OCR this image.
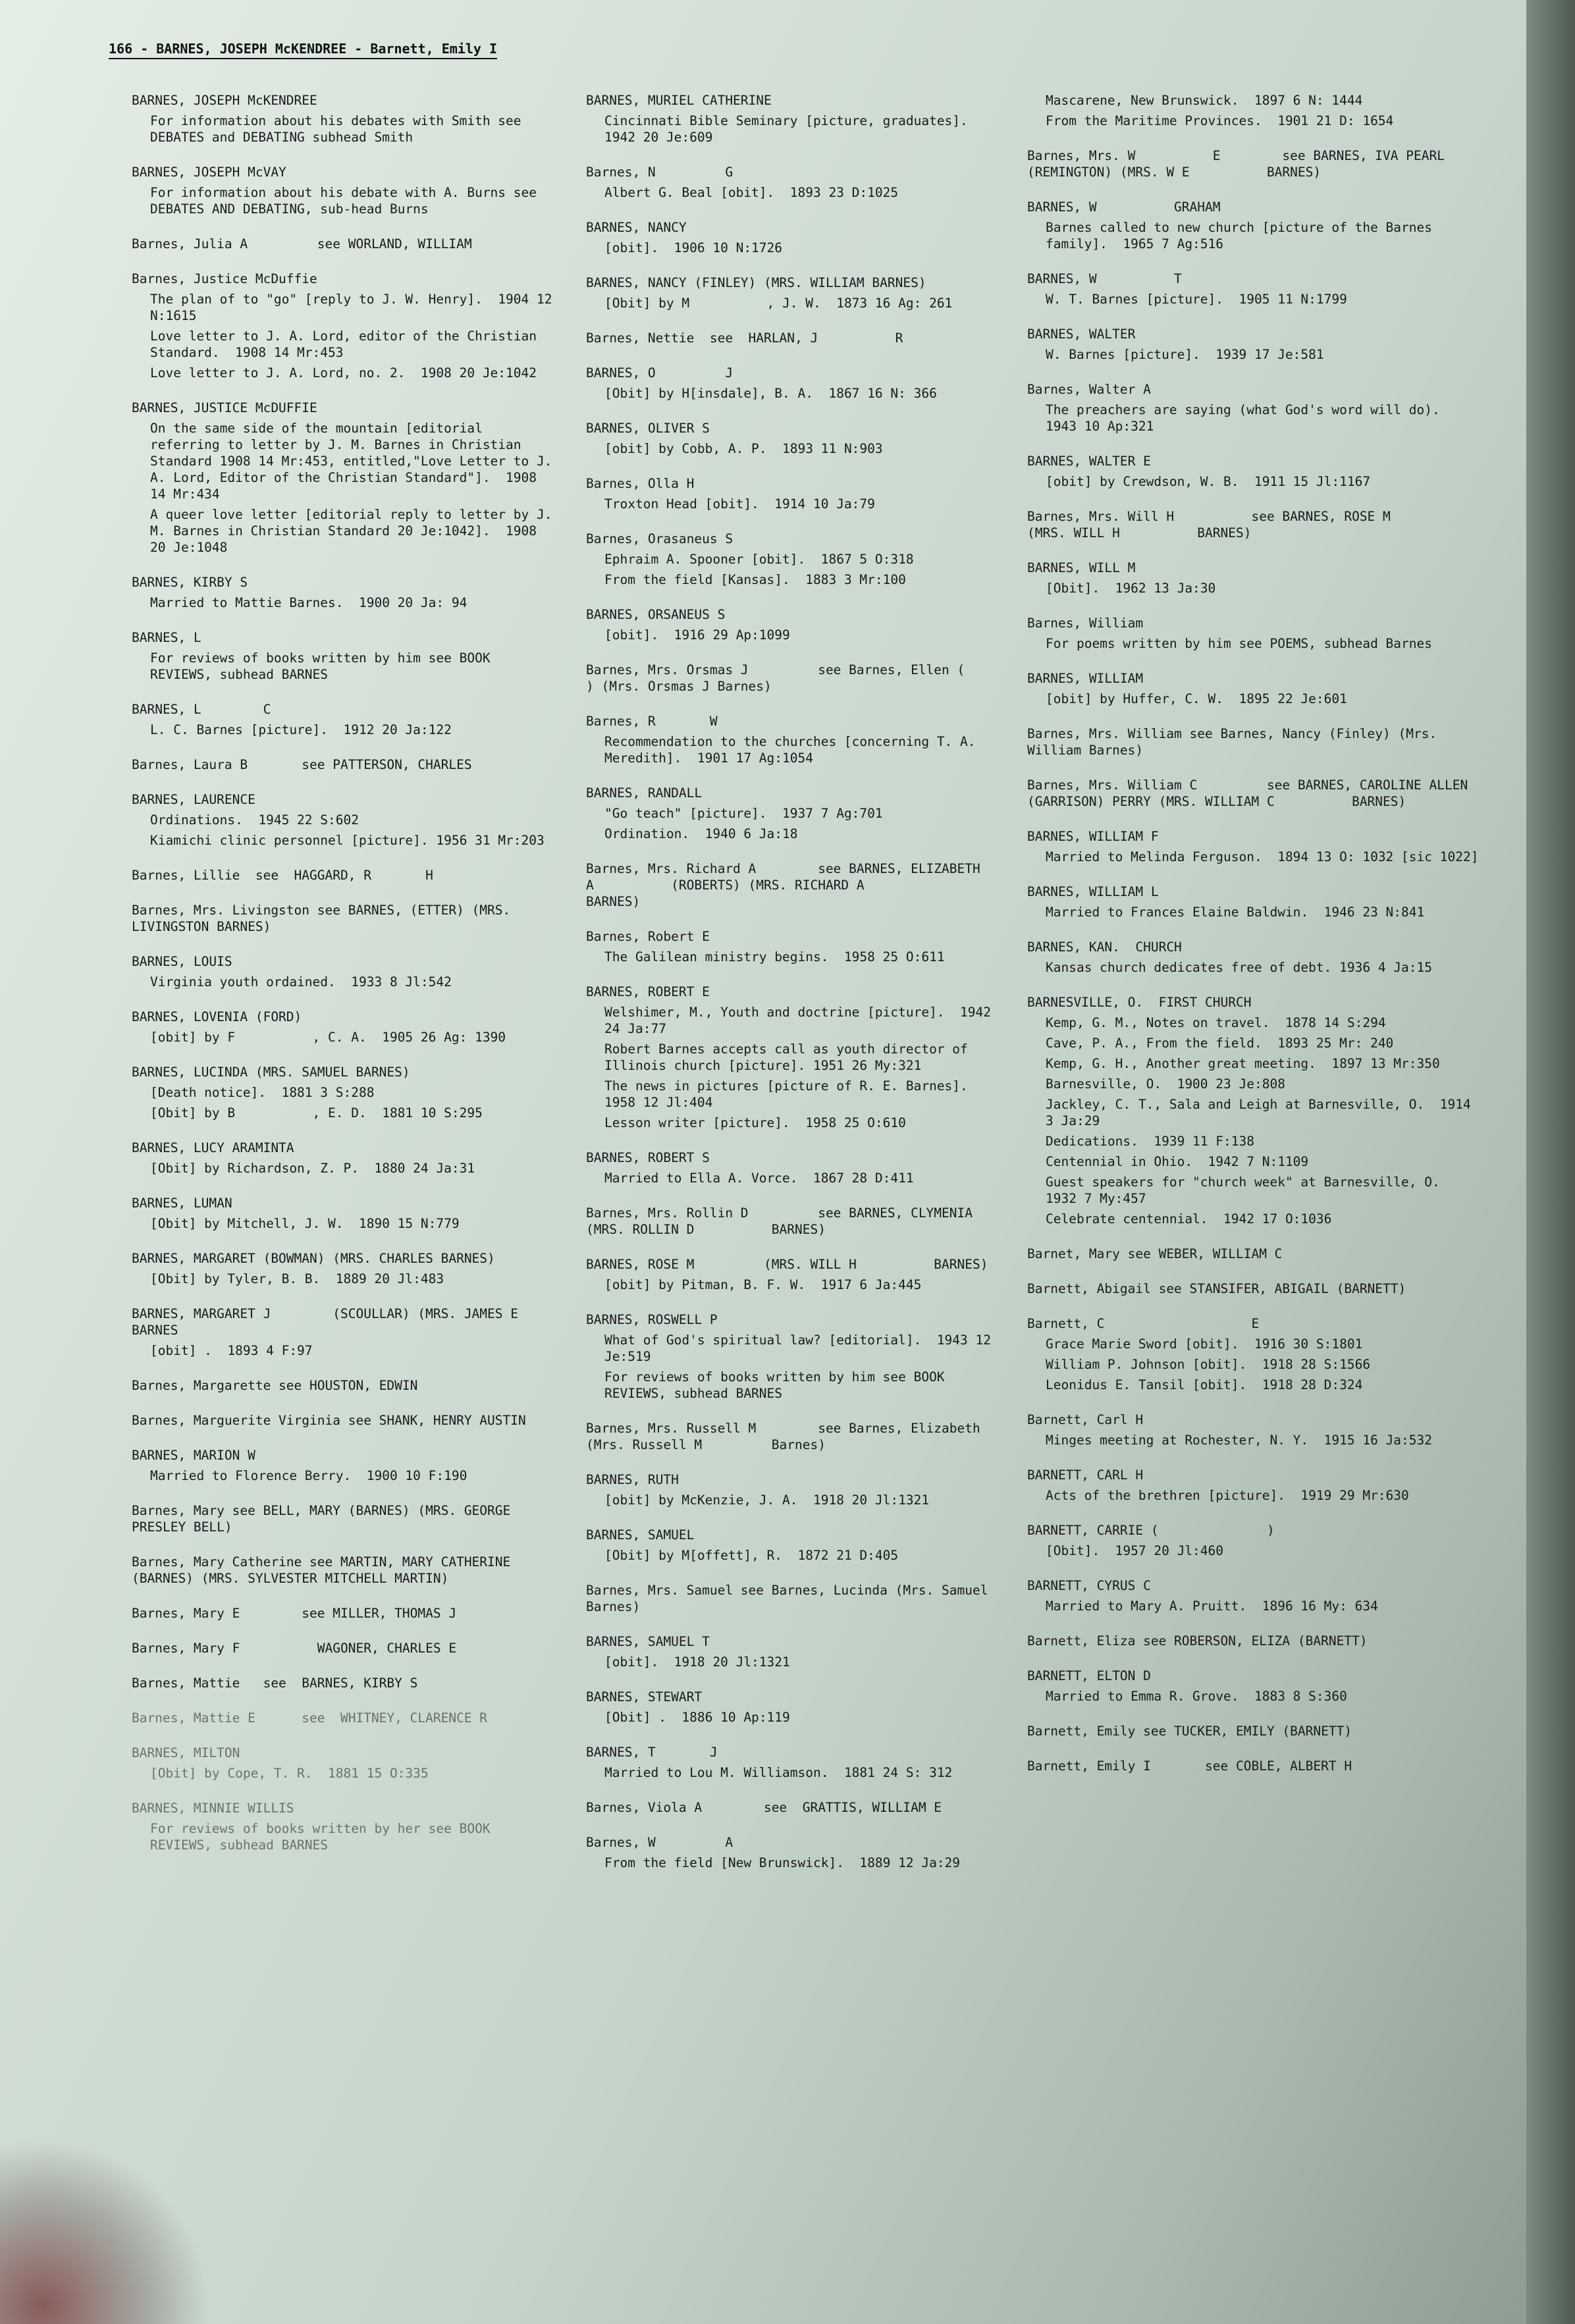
166 - BARNES, JOSEPH McKENDREE - Barnett, Emily I
BARNES, JOSEPH McKENDREE
For information about his debates with Smith see DEBATES and DEBATING subhead Smith
BARNES, JOSEPH McVAY
For information about his debate with A. Burns see DEBATES AND DEBATING, sub-head Burns
Barnes, Julia A         see WORLAND, WILLIAM
Barnes, Justice McDuffie
The plan of to "go" [reply to J. W. Henry].  1904 12 N:1615
Love letter to J. A. Lord, editor of the Christian Standard.  1908 14 Mr:453
Love letter to J. A. Lord, no. 2.  1908 20 Je:1042
BARNES, JUSTICE McDUFFIE
On the same side of the mountain [editorial referring to letter by J. M. Barnes in Christian Standard 1908 14 Mr:453, entitled,"Love Letter to J. A. Lord, Editor of the Christian Standard"].  1908 14 Mr:434
A queer love letter [editorial reply to letter by J. M. Barnes in Christian Standard 20 Je:1042].  1908 20 Je:1048
BARNES, KIRBY S
Married to Mattie Barnes.  1900 20 Ja: 94
BARNES, L
For reviews of books written by him see BOOK REVIEWS, subhead BARNES
BARNES, L        C
L. C. Barnes [picture].  1912 20 Ja:122
Barnes, Laura B       see PATTERSON, CHARLES
BARNES, LAURENCE
Ordinations.  1945 22 S:602
Kiamichi clinic personnel [picture]. 1956 31 Mr:203
Barnes, Lillie  see  HAGGARD, R       H
Barnes, Mrs. Livingston see BARNES, (ETTER) (MRS. LIVINGSTON BARNES)
BARNES, LOUIS
Virginia youth ordained.  1933 8 Jl:542
BARNES, LOVENIA (FORD)
[obit] by F          , C. A.  1905 26 Ag: 1390
BARNES, LUCINDA (MRS. SAMUEL BARNES)
[Death notice].  1881 3 S:288
[Obit] by B          , E. D.  1881 10 S:295
BARNES, LUCY ARAMINTA
[Obit] by Richardson, Z. P.  1880 24 Ja:31
BARNES, LUMAN
[Obit] by Mitchell, J. W.  1890 15 N:779
BARNES, MARGARET (BOWMAN) (MRS. CHARLES BARNES)
[Obit] by Tyler, B. B.  1889 20 Jl:483
BARNES, MARGARET J        (SCOULLAR) (MRS. JAMES E          BARNES
[obit] .  1893 4 F:97
Barnes, Margarette see HOUSTON, EDWIN
Barnes, Marguerite Virginia see SHANK, HENRY AUSTIN
BARNES, MARION W
Married to Florence Berry.  1900 10 F:190
Barnes, Mary see BELL, MARY (BARNES) (MRS. GEORGE PRESLEY BELL)
Barnes, Mary Catherine see MARTIN, MARY CATHERINE (BARNES) (MRS. SYLVESTER MITCHELL MARTIN)
Barnes, Mary E        see MILLER, THOMAS J
Barnes, Mary F          WAGONER, CHARLES E
Barnes, Mattie   see  BARNES, KIRBY S
Barnes, Mattie E      see  WHITNEY, CLARENCE R
BARNES, MILTON
[Obit] by Cope, T. R.  1881 15 O:335
BARNES, MINNIE WILLIS
For reviews of books written by her see BOOK REVIEWS, subhead BARNES
BARNES, MURIEL CATHERINE
Cincinnati Bible Seminary [picture, graduates].  1942 20 Je:609
Barnes, N         G
Albert G. Beal [obit].  1893 23 D:1025
BARNES, NANCY
[obit].  1906 10 N:1726
BARNES, NANCY (FINLEY) (MRS. WILLIAM BARNES)
[Obit] by M          , J. W.  1873 16 Ag: 261
Barnes, Nettie  see  HARLAN, J          R
BARNES, O         J
[Obit] by H[insdale], B. A.  1867 16 N: 366
BARNES, OLIVER S
[obit] by Cobb, A. P.  1893 11 N:903
Barnes, Olla H
Troxton Head [obit].  1914 10 Ja:79
Barnes, Orasaneus S
Ephraim A. Spooner [obit].  1867 5 O:318
From the field [Kansas].  1883 3 Mr:100
BARNES, ORSANEUS S
[obit].  1916 29 Ap:1099
Barnes, Mrs. Orsmas J         see Barnes, Ellen (          ) (Mrs. Orsmas J Barnes)
Barnes, R       W
Recommendation to the churches [concerning T. A. Meredith].  1901 17 Ag:1054
BARNES, RANDALL
"Go teach" [picture].  1937 7 Ag:701
Ordination.  1940 6 Ja:18
Barnes, Mrs. Richard A        see BARNES, ELIZABETH A          (ROBERTS) (MRS. RICHARD A          BARNES)
Barnes, Robert E
The Galilean ministry begins.  1958 25 O:611
BARNES, ROBERT E
Welshimer, M., Youth and doctrine [picture].  1942 24 Ja:77
Robert Barnes accepts call as youth director of Illinois church [picture]. 1951 26 My:321
The news in pictures [picture of R. E. Barnes].  1958 12 Jl:404
Lesson writer [picture].  1958 25 O:610
BARNES, ROBERT S
Married to Ella A. Vorce.  1867 28 D:411
Barnes, Mrs. Rollin D         see BARNES, CLYMENIA (MRS. ROLLIN D          BARNES)
BARNES, ROSE M         (MRS. WILL H          BARNES)
[obit] by Pitman, B. F. W.  1917 6 Ja:445
BARNES, ROSWELL P
What of God's spiritual law? [editorial].  1943 12 Je:519
For reviews of books written by him see BOOK REVIEWS, subhead BARNES
Barnes, Mrs. Russell M        see Barnes, Elizabeth (Mrs. Russell M         Barnes)
BARNES, RUTH
[obit] by McKenzie, J. A.  1918 20 Jl:1321
BARNES, SAMUEL
[Obit] by M[offett], R.  1872 21 D:405
Barnes, Mrs. Samuel see Barnes, Lucinda (Mrs. Samuel Barnes)
BARNES, SAMUEL T
[obit].  1918 20 Jl:1321
BARNES, STEWART
[Obit] .  1886 10 Ap:119
BARNES, T       J
Married to Lou M. Williamson.  1881 24 S: 312
Barnes, Viola A        see  GRATTIS, WILLIAM E
Barnes, W         A
From the field [New Brunswick].  1889 12 Ja:29
Mascarene, New Brunswick.  1897 6 N: 1444
From the Maritime Provinces.  1901 21 D: 1654
Barnes, Mrs. W          E        see BARNES, IVA PEARL (REMINGTON) (MRS. W E          BARNES)
BARNES, W          GRAHAM
Barnes called to new church [picture of the Barnes family].  1965 7 Ag:516
BARNES, W          T
W. T. Barnes [picture].  1905 11 N:1799
BARNES, WALTER
W. Barnes [picture].  1939 17 Je:581
Barnes, Walter A
The preachers are saying (what God's word will do).  1943 10 Ap:321
BARNES, WALTER E
[obit] by Crewdson, W. B.  1911 15 Jl:1167
Barnes, Mrs. Will H          see BARNES, ROSE M         (MRS. WILL H          BARNES)
BARNES, WILL M
[Obit].  1962 13 Ja:30
Barnes, William
For poems written by him see POEMS, subhead Barnes
BARNES, WILLIAM
[obit] by Huffer, C. W.  1895 22 Je:601
Barnes, Mrs. William see Barnes, Nancy (Finley) (Mrs. William Barnes)
Barnes, Mrs. William C         see BARNES, CAROLINE ALLEN (GARRISON) PERRY (MRS. WILLIAM C          BARNES)
BARNES, WILLIAM F
Married to Melinda Ferguson.  1894 13 O: 1032 [sic 1022]
BARNES, WILLIAM L
Married to Frances Elaine Baldwin.  1946 23 N:841
BARNES, KAN.  CHURCH
Kansas church dedicates free of debt. 1936 4 Ja:15
BARNESVILLE, O.  FIRST CHURCH
Kemp, G. M., Notes on travel.  1878 14 S:294
Cave, P. A., From the field.  1893 25 Mr: 240
Kemp, G. H., Another great meeting.  1897 13 Mr:350
Barnesville, O.  1900 23 Je:808
Jackley, C. T., Sala and Leigh at Barnesville, O.  1914 3 Ja:29
Dedications.  1939 11 F:138
Centennial in Ohio.  1942 7 N:1109
Guest speakers for "church week" at Barnesville, O.  1932 7 My:457
Celebrate centennial.  1942 17 O:1036
Barnet, Mary see WEBER, WILLIAM C
Barnett, Abigail see STANSIFER, ABIGAIL (BARNETT)
Barnett, C                   E
Grace Marie Sword [obit].  1916 30 S:1801
William P. Johnson [obit].  1918 28 S:1566
Leonidus E. Tansil [obit].  1918 28 D:324
Barnett, Carl H
Minges meeting at Rochester, N. Y.  1915 16 Ja:532
BARNETT, CARL H
Acts of the brethren [picture].  1919 29 Mr:630
BARNETT, CARRIE (              )
[Obit].  1957 20 Jl:460
BARNETT, CYRUS C
Married to Mary A. Pruitt.  1896 16 My: 634
Barnett, Eliza see ROBERSON, ELIZA (BARNETT)
BARNETT, ELTON D
Married to Emma R. Grove.  1883 8 S:360
Barnett, Emily see TUCKER, EMILY (BARNETT)
Barnett, Emily I       see COBLE, ALBERT H
